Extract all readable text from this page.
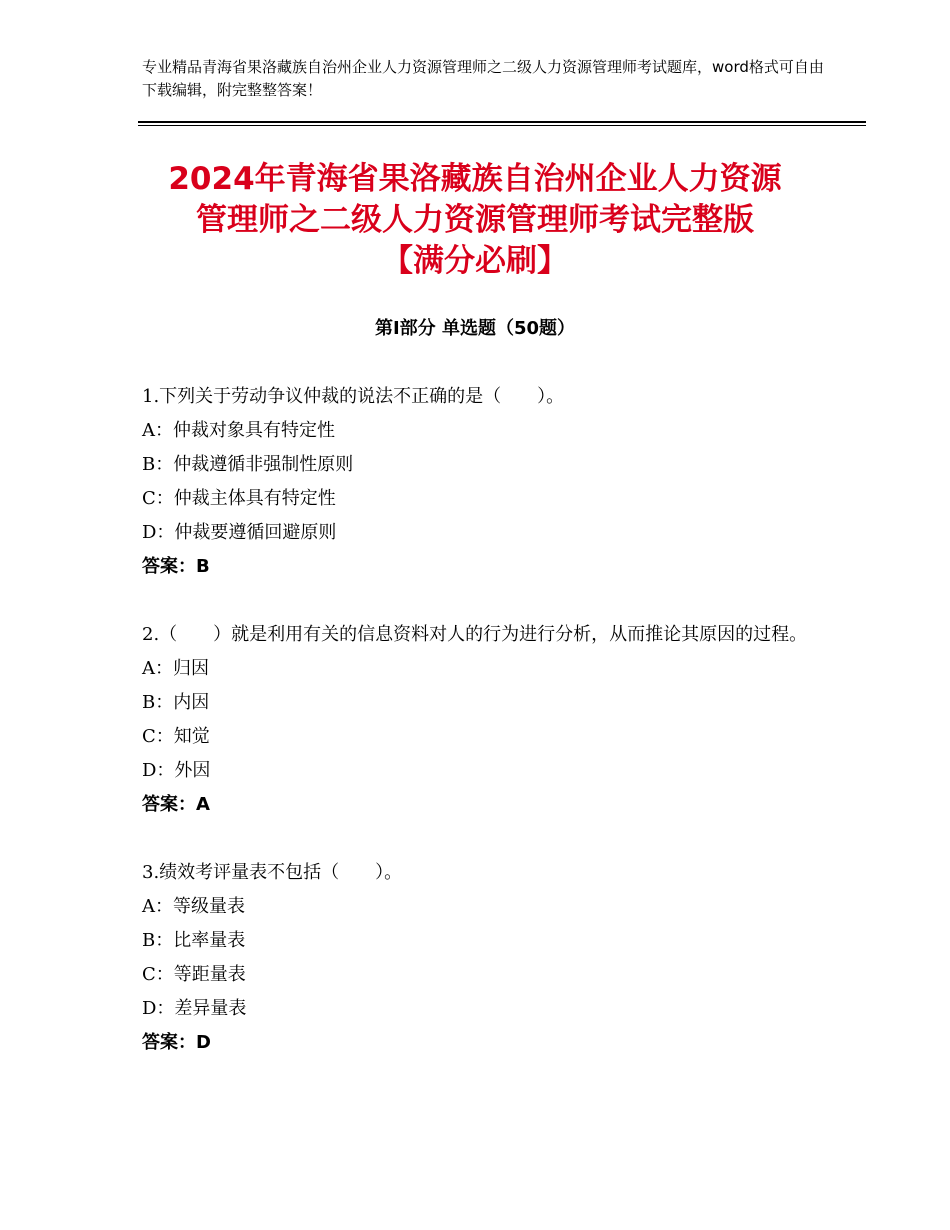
专业精品青海省果洛藏族自治州企业人力资源管理师之二级人力资源管理师考试题库，word格式可自由下载编辑，附完整整答案！
2024年青海省果洛藏族自治州企业人力资源
管理师之二级人力资源管理师考试完整版
【满分必刷】
第Ⅰ部分 单选题（50题）
1.下列关于劳动争议仲裁的说法不正确的是（　　）。
A：仲裁对象具有特定性
B：仲裁遵循非强制性原则
C：仲裁主体具有特定性
D：仲裁要遵循回避原则
答案：B
2.（　　）就是利用有关的信息资料对人的行为进行分析，从而推论其原因的过程。
A：归因
B：内因
C：知觉
D：外因
答案：A
3.绩效考评量表不包括（　　）。
A：等级量表
B：比率量表
C：等距量表
D：差异量表
答案：D
